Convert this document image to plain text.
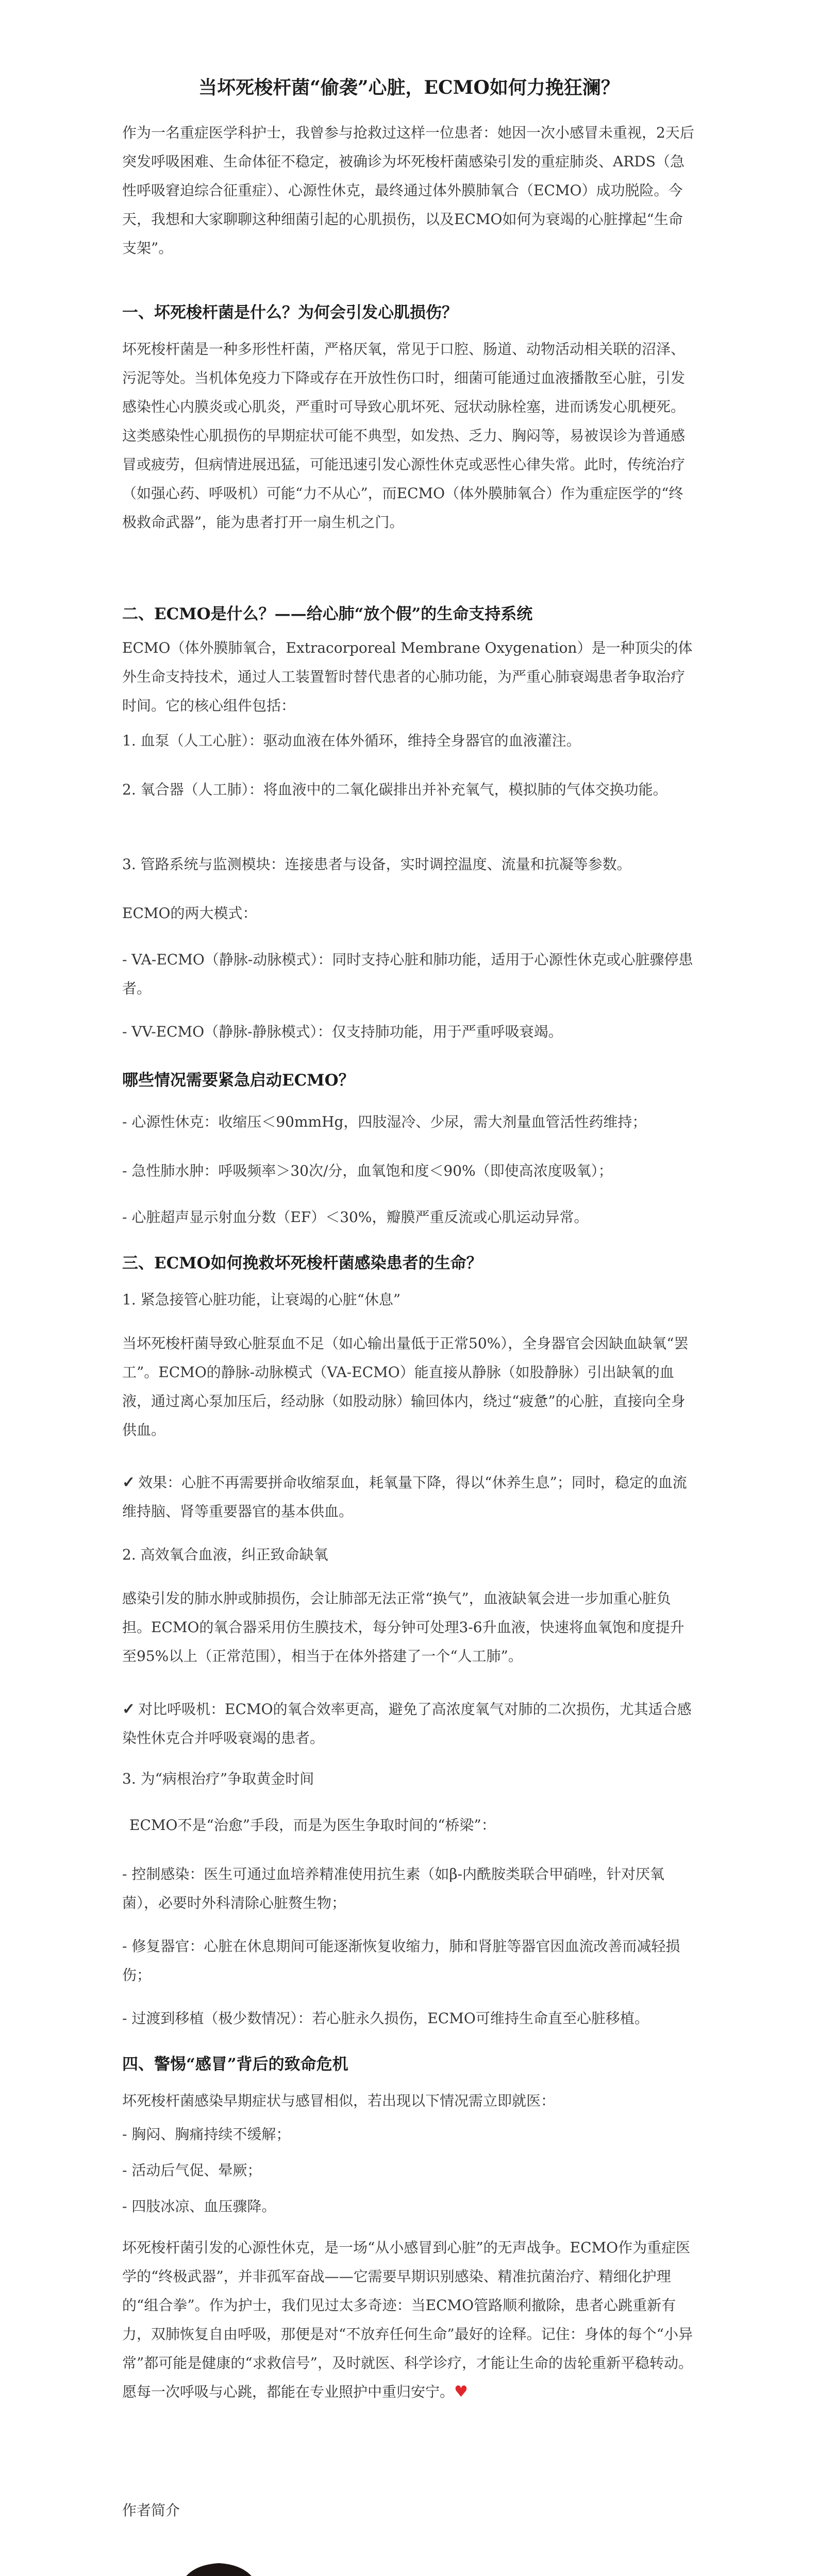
当坏死梭杆菌“偷袭”心脏，ECMO如何力挽狂澜？

作为一名重症医学科护士，我曾参与抢救过这样一位患者：她因一次小感冒未重视，2天后突发呼吸困难、生命体征不稳定，被确诊为坏死梭杆菌感染引发的重症肺炎、ARDS（急性呼吸窘迫综合征重症）、心源性休克，最终通过体外膜肺氧合（ECMO）成功脱险。今天，我想和大家聊聊这种细菌引起的心肌损伤，以及ECMO如何为衰竭的心脏撑起“生命支架”。

一、坏死梭杆菌是什么？为何会引发心肌损伤？

坏死梭杆菌是一种多形性杆菌，严格厌氧，常见于口腔、肠道、动物活动相关联的沼泽、污泥等处。当机体免疫力下降或存在开放性伤口时，细菌可能通过血液播散至心脏，引发感染性心内膜炎或心肌炎，严重时可导致心肌坏死、冠状动脉栓塞，进而诱发心肌梗死。这类感染性心肌损伤的早期症状可能不典型，如发热、乏力、胸闷等，易被误诊为普通感冒或疲劳，但病情进展迅猛，可能迅速引发心源性休克或恶性心律失常。此时，传统治疗（如强心药、呼吸机）可能“力不从心”，而ECMO（体外膜肺氧合）作为重症医学的“终极救命武器”，能为患者打开一扇生机之门。

二、ECMO是什么？——给心肺“放个假”的生命支持系统

ECMO（体外膜肺氧合，Extracorporeal Membrane Oxygenation）是一种顶尖的体外生命支持技术，通过人工装置暂时替代患者的心肺功能，为严重心肺衰竭患者争取治疗时间。它的核心组件包括：

1. 血泵（人工心脏）：驱动血液在体外循环，维持全身器官的血液灌注。

2. 氧合器（人工肺）：将血液中的二氧化碳排出并补充氧气，模拟肺的气体交换功能。

3. 管路系统与监测模块：连接患者与设备，实时调控温度、流量和抗凝等参数。

ECMO的两大模式：

- VA-ECMO（静脉-动脉模式）：同时支持心脏和肺功能，适用于心源性休克或心脏骤停患者。

- VV-ECMO（静脉-静脉模式）：仅支持肺功能，用于严重呼吸衰竭。

哪些情况需要紧急启动ECMO？

- 心源性休克：收缩压＜90mmHg，四肢湿冷、少尿，需大剂量血管活性药维持；

- 急性肺水肿：呼吸频率＞30次/分，血氧饱和度＜90%（即使高浓度吸氧）；

- 心脏超声显示射血分数（EF）＜30%，瓣膜严重反流或心肌运动异常。

三、ECMO如何挽救坏死梭杆菌感染患者的生命？

1. 紧急接管心脏功能，让衰竭的心脏“休息”

当坏死梭杆菌导致心脏泵血不足（如心输出量低于正常50%），全身器官会因缺血缺氧“罢工”。ECMO的静脉-动脉模式（VA-ECMO）能直接从静脉（如股静脉）引出缺氧的血液，通过离心泵加压后，经动脉（如股动脉）输回体内，绕过“疲惫”的心脏，直接向全身供血。

✓ 效果：心脏不再需要拼命收缩泵血，耗氧量下降，得以“休养生息”；同时，稳定的血流维持脑、肾等重要器官的基本供血。

2. 高效氧合血液，纠正致命缺氧

感染引发的肺水肿或肺损伤，会让肺部无法正常“换气”，血液缺氧会进一步加重心脏负担。ECMO的氧合器采用仿生膜技术，每分钟可处理3-6升血液，快速将血氧饱和度提升至95%以上（正常范围），相当于在体外搭建了一个“人工肺”。

✓ 对比呼吸机：ECMO的氧合效率更高，避免了高浓度氧气对肺的二次损伤，尤其适合感染性休克合并呼吸衰竭的患者。

3. 为“病根治疗”争取黄金时间

ECMO不是“治愈”手段，而是为医生争取时间的“桥梁”：

- 控制感染：医生可通过血培养精准使用抗生素（如β-内酰胺类联合甲硝唑，针对厌氧菌），必要时外科清除心脏赘生物；

- 修复器官：心脏在休息期间可能逐渐恢复收缩力，肺和肾脏等器官因血流改善而减轻损伤；

- 过渡到移植（极少数情况）：若心脏永久损伤，ECMO可维持生命直至心脏移植。

四、警惕“感冒”背后的致命危机

坏死梭杆菌感染早期症状与感冒相似，若出现以下情况需立即就医：

- 胸闷、胸痛持续不缓解；

- 活动后气促、晕厥；

- 四肢冰凉、血压骤降。

坏死梭杆菌引发的心源性休克，是一场“从小感冒到心脏”的无声战争。ECMO作为重症医学的“终极武器”，并非孤军奋战——它需要早期识别感染、精准抗菌治疗、精细化护理的“组合拳”。作为护士，我们见过太多奇迹：当ECMO管路顺利撤除，患者心跳重新有力，双肺恢复自由呼吸，那便是对“不放弃任何生命”最好的诠释。记住：身体的每个“小异常”都可能是健康的“求救信号”，及时就医、科学诊疗，才能让生命的齿轮重新平稳转动。愿每一次呼吸与心跳，都能在专业照护中重归安宁。♥

作者简介
